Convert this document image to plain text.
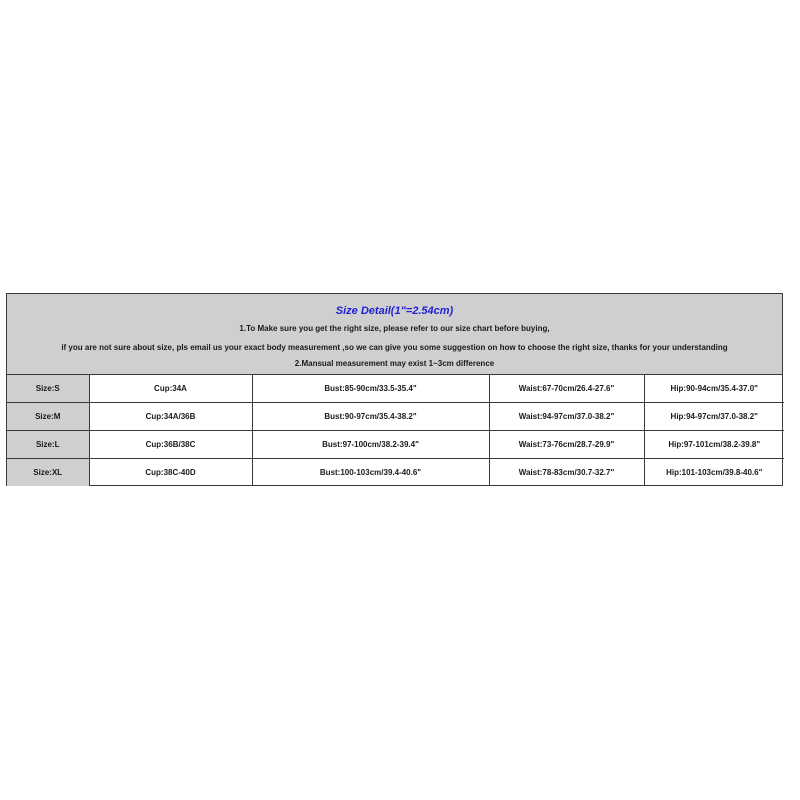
Size Detail(1"=2.54cm)
1.To Make sure you get the right size, please refer to our size chart before buying,
if you are not sure about size, pls email us your exact body measurement ,so we can give you some suggestion on how to choose the right size, thanks for your understanding
2.Mansual measurement may exist 1~3cm difference
Size:S	Cup:34A	Bust:85-90cm/33.5-35.4"	Waist:67-70cm/26.4-27.6"	Hip:90-94cm/35.4-37.0"
Size:M	Cup:34A/36B	Bust:90-97cm/35.4-38.2"	Waist:94-97cm/37.0-38.2"	Hip:94-97cm/37.0-38.2"
Size:L	Cup:36B/38C	Bust:97-100cm/38.2-39.4"	Waist:73-76cm/28.7-29.9"	Hip:97-101cm/38.2-39.8"
Size:XL	Cup:38C-40D	Bust:100-103cm/39.4-40.6"	Waist:78-83cm/30.7-32.7"	Hip:101-103cm/39.8-40.6"
